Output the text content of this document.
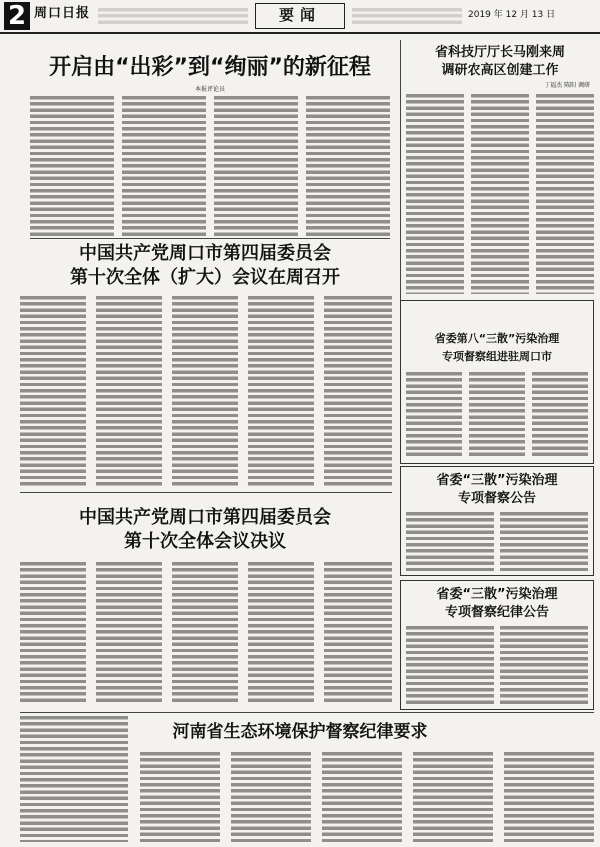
2 周口日报	要闻	2019 年 12 月 13 日
开启由“出彩”到“绚丽”的新征程
本报评论员
省科技厅厅长马刚来周
调研农高区创建工作
丁福杰 陈阳 调研
中国共产党周口市第四届委员会
第十次全体（扩大）会议在周召开
省委第八“三散”污染治理
专项督察组进驻周口市
省委“三散”污染治理
专项督察公告
中国共产党周口市第四届委员会
第十次全体会议决议
省委“三散”污染治理
专项督察纪律公告
河南省生态环境保护督察纪律要求
